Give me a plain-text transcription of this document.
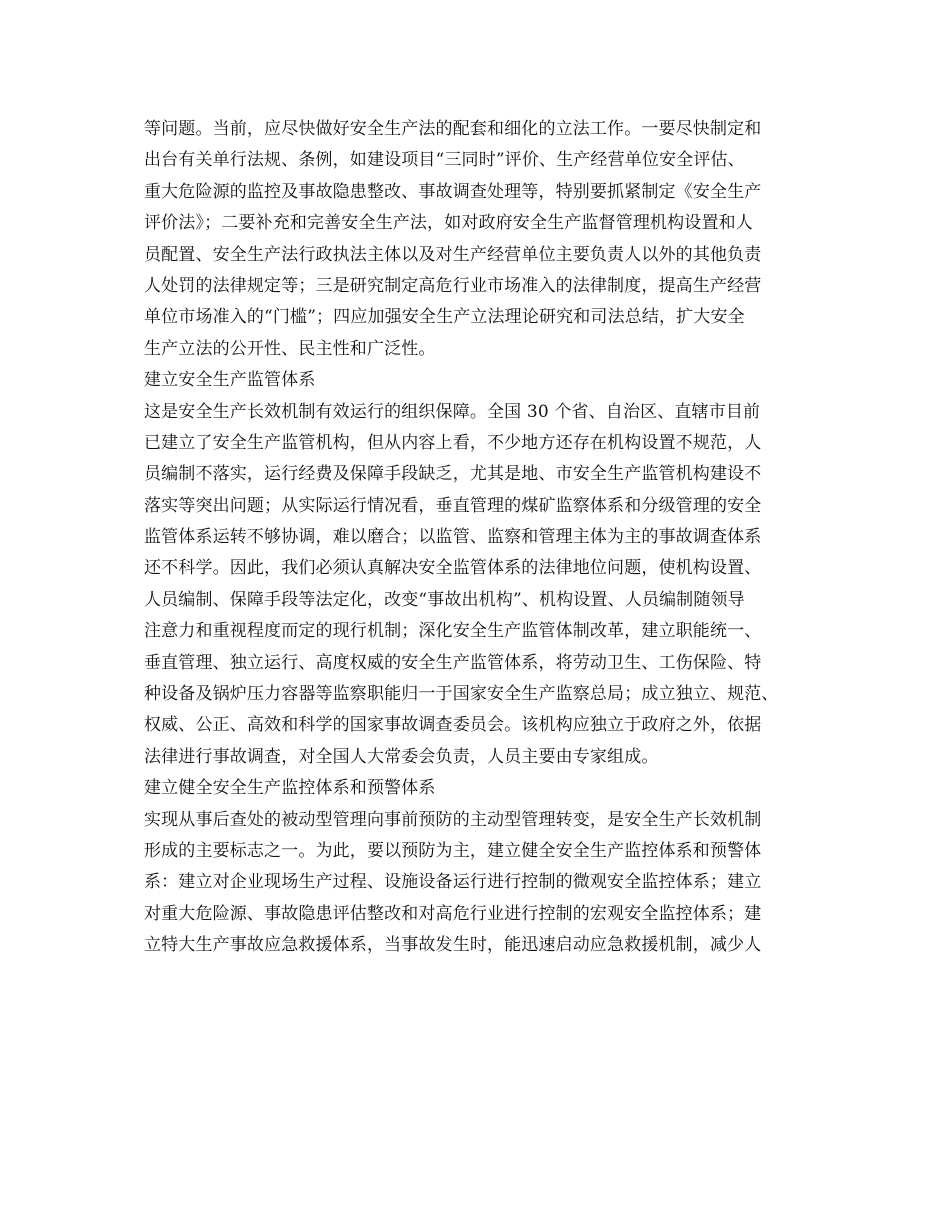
等问题。当前，应尽快做好安全生产法的配套和细化的立法工作。一要尽快制定和
出台有关单行法规、条例，如建设项目“三同时”评价、生产经营单位安全评估、
重大危险源的监控及事故隐患整改、事故调查处理等，特别要抓紧制定《安全生产
评价法》；二要补充和完善安全生产法，如对政府安全生产监督管理机构设置和人
员配置、安全生产法行政执法主体以及对生产经营单位主要负责人以外的其他负责
人处罚的法律规定等；三是研究制定高危行业市场准入的法律制度，提高生产经营
单位市场准入的“门槛”；四应加强安全生产立法理论研究和司法总结，扩大安全
生产立法的公开性、民主性和广泛性。
建立安全生产监管体系
这是安全生产长效机制有效运行的组织保障。全国 30 个省、自治区、直辖市目前
已建立了安全生产监管机构，但从内容上看，不少地方还存在机构设置不规范，人
员编制不落实，运行经费及保障手段缺乏，尤其是地、市安全生产监管机构建设不
落实等突出问题；从实际运行情况看，垂直管理的煤矿监察体系和分级管理的安全
监管体系运转不够协调，难以磨合；以监管、监察和管理主体为主的事故调查体系
还不科学。因此，我们必须认真解决安全监管体系的法律地位问题，使机构设置、
人员编制、保障手段等法定化，改变“事故出机构”、机构设置、人员编制随领导
注意力和重视程度而定的现行机制；深化安全生产监管体制改革，建立职能统一、
垂直管理、独立运行、高度权威的安全生产监管体系，将劳动卫生、工伤保险、特
种设备及锅炉压力容器等监察职能归一于国家安全生产监察总局；成立独立、规范、
权威、公正、高效和科学的国家事故调查委员会。该机构应独立于政府之外，依据
法律进行事故调查，对全国人大常委会负责，人员主要由专家组成。
建立健全安全生产监控体系和预警体系
实现从事后查处的被动型管理向事前预防的主动型管理转变，是安全生产长效机制
形成的主要标志之一。为此，要以预防为主，建立健全安全生产监控体系和预警体
系：建立对企业现场生产过程、设施设备运行进行控制的微观安全监控体系；建立
对重大危险源、事故隐患评估整改和对高危行业进行控制的宏观安全监控体系；建
立特大生产事故应急救援体系，当事故发生时，能迅速启动应急救援机制，减少人
